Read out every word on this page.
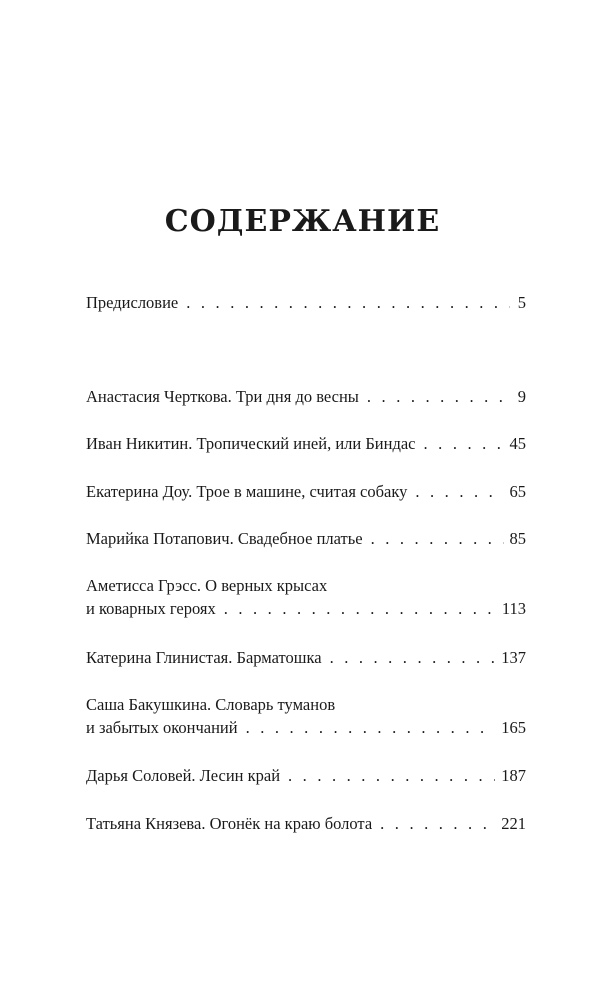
СОДЕРЖАНИЕ
Предисловие . . .	5
Анастасия Черткова. Три дня до весны . . .	9
Иван Никитин. Тропический иней, или Биндас . . .	45
Екатерина Доу. Трое в машине, считая собаку . . .	65
Марийка Потапович. Свадебное платье . . .	85
Аметисса Грэсс. О верных крысах
и коварных героях . . .	113
Катерина Глинистая. Барматошка . . .	137
Саша Бакушкина. Словарь туманов
и забытых окончаний . . .	165
Дарья Соловей. Лесин край . . .	187
Татьяна Князева. Огонёк на краю болота . . .	221
